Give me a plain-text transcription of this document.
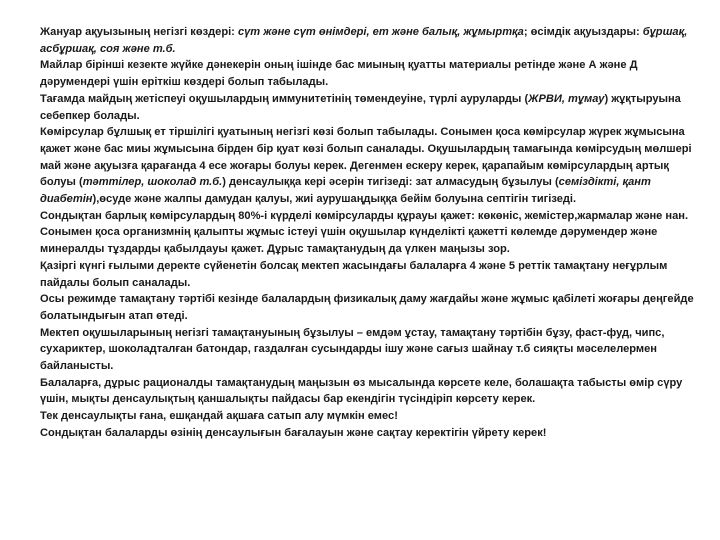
Жануар ақуызының негізгі көздері: сүт және сүт өнімдері, ет және балық, жұмыртқа; өсімдік ақуыздары: бұршақ, асбұршақ, соя және т.б.

Майлар бірінші кезекте жүйке дәнекерін оның ішінде бас миының қуатты материалы ретінде және А және Д дәрумендері үшін еріткіш көздері болып табылады.

Тағамда майдың жетіспеуі оқушылардың иммунитетінің төмендеуіне, түрлі ауруларды (ЖРВИ, тұмау) жұқтыруына себепкер болады.

Көмірсулар бұлшық ет тіршілігі қуатының негізгі көзі болып табылады. Сонымен қоса көмірсулар жүрек жұмысына қажет және бас миы жұмысына бірден бір қуат көзі болып саналады. Оқушылардың тамағында көмірсудың мөлшері май және ақуызға қарағанда 4 есе жоғары болуы керек. Дегенмен ескеру керек, қарапайым көмірсулардың артық болуы (тәттілер, шоколад т.б.) денсаулыққа кері әсерін тигізеді: зат алмасудың бұзылуы (семіздікті, қант диабетін),өсуде және жалпы дамудан қалуы, жиі аурушаңдыққа бейім болуына септігін тигізеді.

Сондықтан барлық көмірсулардың 80%-і күрделі көмірсуларды құрауы қажет: көкөніс, жемістер,жармалар және нан.

Сонымен қоса организмнің қалыпты жұмыс істеуі үшін оқушылар күнделікті қажетті көлемде дәрумендер және минералды тұздарды қабылдауы қажет. Дұрыс тамақтанудың да үлкен маңызы зор.

Қазіргі күнгі ғылыми деректе сүйенетін болсақ мектеп жасындағы балаларға 4 және 5 реттік тамақтану неғұрлым пайдалы болып саналады.

Осы режимде тамақтану тәртібі кезінде балалардың физикалық даму жағдайы және жұмыс қабілеті жоғары деңгейде болатындығын атап өтеді.

Мектеп оқушыларының негізгі тамақтануының бұзылуы – емдәм ұстау, тамақтану тәртібін бұзу, фаст-фуд, чипс, сухариктер, шоколадталған батондар, газдалған сусындарды ішу және сағыз шайнау т.б сияқты мәселелермен байланысты.

Балаларға, дұрыс рационалды тамақтанудың маңызын өз мысалында көрсете келе, болашақта табысты өмір сүру үшін, мықты денсаулықтың қаншалықты пайдасы бар екендігін түсіндіріп көрсету керек.

Тек денсаулықты ғана, ешқандай ақшаға сатып алу мүмкін емес!

Сондықтан балаларды өзінің денсаулығын бағалауын және сақтау керектігін үйрету керек!
